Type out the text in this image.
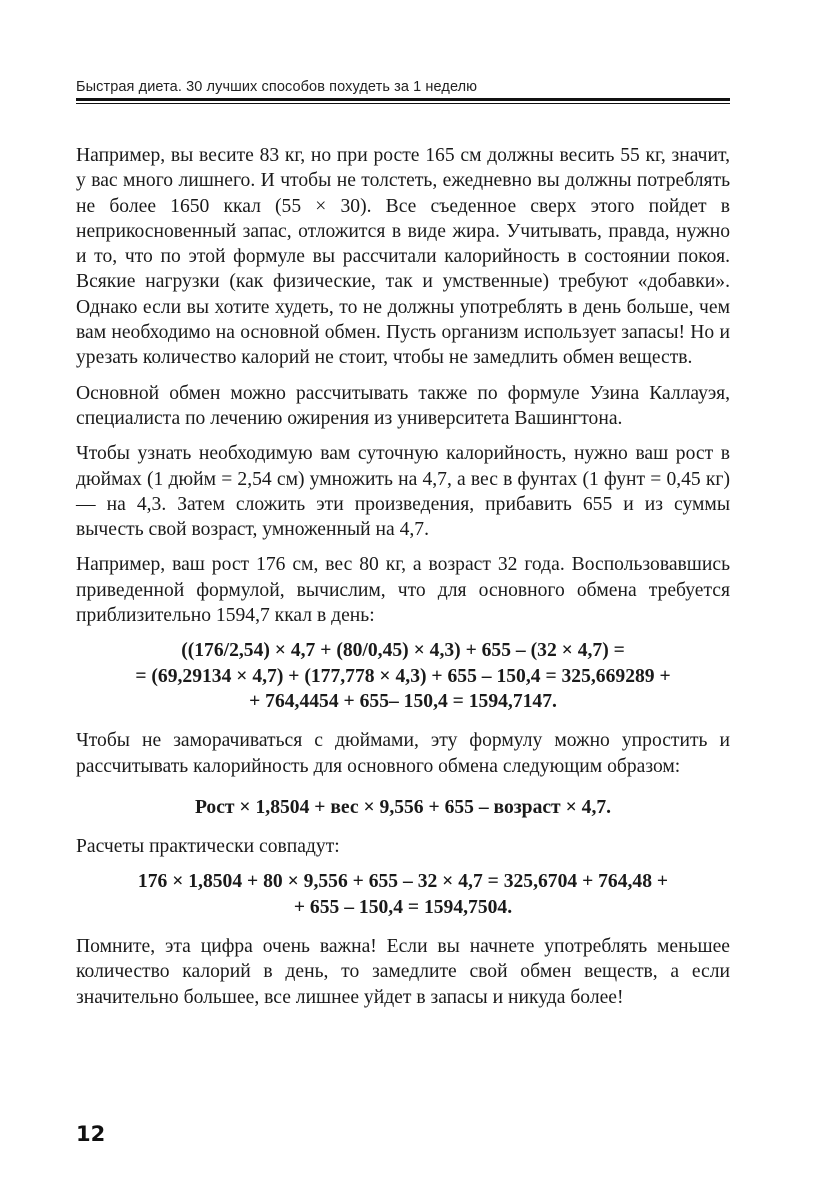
Быстрая диета. 30 лучших способов похудеть за 1 неделю

Например, вы весите 83 кг, но при росте 165 см должны весить 55 кг, значит, у вас много лишнего. И чтобы не толстеть, ежедневно вы должны потреблять не более 1650 ккал (55 × 30). Все съеденное сверх этого пойдет в неприкосновенный запас, отложится в виде жира. Учитывать, правда, нужно и то, что по этой формуле вы рассчитали калорийность в состоянии покоя. Всякие нагрузки (как физические, так и умственные) требуют «добавки». Однако если вы хотите худеть, то не должны употреблять в день больше, чем вам необходимо на основной обмен. Пусть организм использует запасы! Но и урезать количество калорий не стоит, чтобы не замедлить обмен веществ.

Основной обмен можно рассчитывать также по формуле Узина Каллауэя, специалиста по лечению ожирения из университета Вашингтона.

Чтобы узнать необходимую вам суточную калорийность, нужно ваш рост в дюймах (1 дюйм = 2,54 см) умножить на 4,7, а вес в фунтах (1 фунт = 0,45 кг) — на 4,3. Затем сложить эти произведения, прибавить 655 и из суммы вычесть свой возраст, умноженный на 4,7.

Например, ваш рост 176 см, вес 80 кг, а возраст 32 года. Воспользовавшись приведенной формулой, вычислим, что для основного обмена требуется приблизительно 1594,7 ккал в день:

((176/2,54) × 4,7 + (80/0,45) × 4,3) + 655 – (32 × 4,7) =
= (69,29134 × 4,7) + (177,778 × 4,3) + 655 – 150,4 = 325,669289 +
+ 764,4454 + 655– 150,4 = 1594,7147.

Чтобы не заморачиваться с дюймами, эту формулу можно упростить и рассчитывать калорийность для основного обмена следующим образом:

Рост × 1,8504 + вес × 9,556 + 655 – возраст × 4,7.

Расчеты практически совпадут:

176 × 1,8504 + 80 × 9,556 + 655 – 32 × 4,7 = 325,6704 + 764,48 +
+ 655 – 150,4 = 1594,7504.

Помните, эта цифра очень важна! Если вы начнете употреблять меньшее количество калорий в день, то замедлите свой обмен веществ, а если значительно большее, все лишнее уйдет в запасы и никуда более!

12
